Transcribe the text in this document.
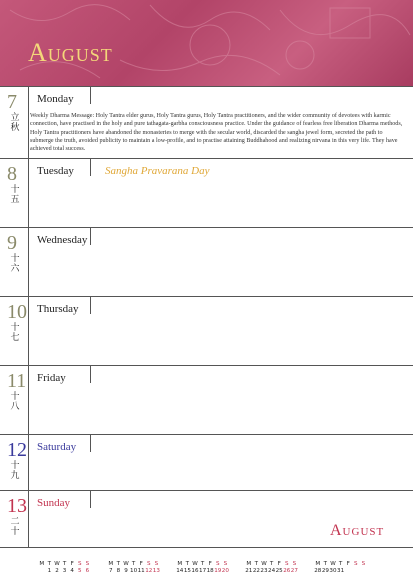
August
7
立
秋
Monday
Weekly Dharma Message: Holy Tantra elder gurus, Holy Tantra gurus, Holy Tantra practitioners, and the wider community of devotees with karmic connection, have practised in the holy and pure tathagata-garbha consciousness practice. Under the guidance of fearless free liberation Dharma methods, Holy Tantra practitioners have abandoned the monasteries to merge with the secular world, discarded the sangha jewel form, secreted the path to submerge the truth, avoided publicity to maintain a low-profile, and to practise attaining Buddhahood and realizing nirvana in this very life. They have achieved total success.
8
十
五
Tuesday	Sangha Pravarana Day
9
十
六
Wednesday
10
十
七
Thursday
11
十
八
Friday
12
十
九
Saturday
13
二
十
Sunday
August
M T W T F S S
1 2 3 4 5 6
M T W T F S S
7 8 9 10 11 12 13
M T W T F S S
14 15 16 17 18 19 20
M T W T F S S
21 22 23 24 25 26 27
M T W T F S S
28 29 30 31
